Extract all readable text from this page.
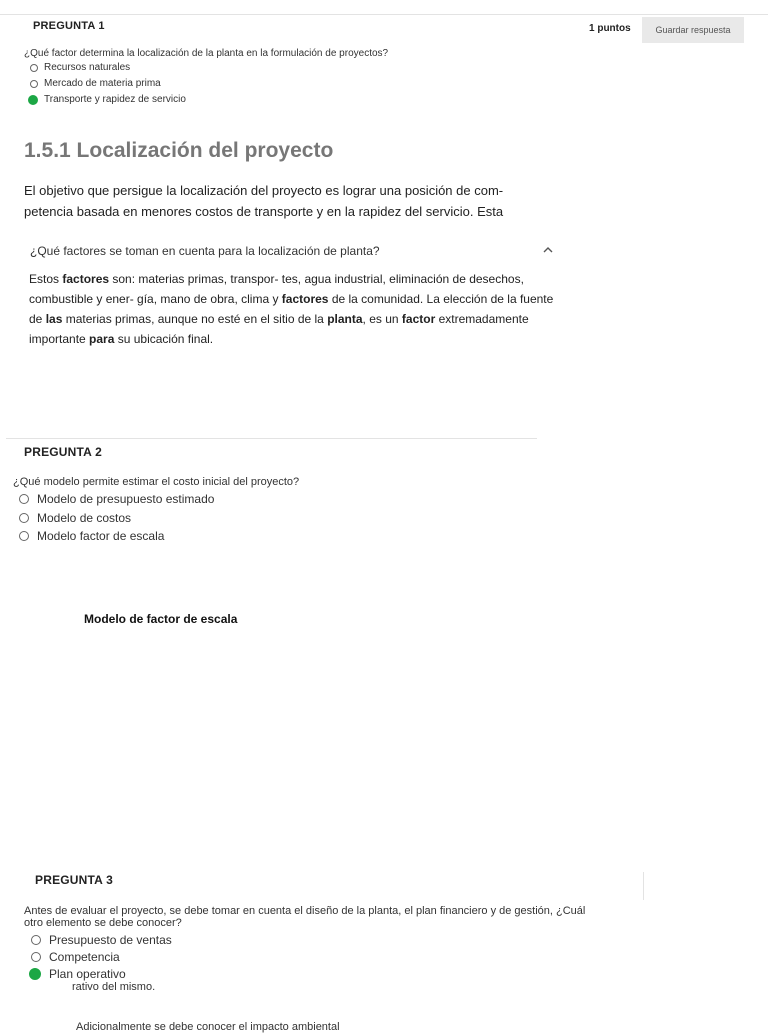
PREGUNTA 1	1 puntos	Guardar respuesta
¿Qué factor determina la localización de la planta en la formulación de proyectos?
Recursos naturales
Mercado de materia prima
Transporte y rapidez de servicio
1.5.1 Localización del proyecto
El objetivo que persigue la localización del proyecto es lograr una posición de com-
petencia basada en menores costos de transporte y en la rapidez del servicio. Esta
¿Qué factores se toman en cuenta para la localización de planta?
Estos factores son: materias primas, transpor- tes, agua industrial, eliminación de desechos, combustible y ener- gía, mano de obra, clima y factores de la comunidad. La elección de la fuente de las materias primas, aunque no esté en el sitio de la planta, es un factor extremadamente importante para su ubicación final.
PREGUNTA 2
¿Qué modelo permite estimar el costo inicial del proyecto?
Modelo de presupuesto estimado
Modelo de costos
Modelo factor de escala
Modelo de factor de escala
PREGUNTA 3
Antes de evaluar el proyecto, se debe tomar en cuenta el diseño de la planta, el plan financiero y de gestión, ¿Cuál
otro elemento se debe conocer?
Presupuesto de ventas
Competencia
rativo del mismo.
Adicionalmente se debe conocer el impacto ambiental
Plan operativo
